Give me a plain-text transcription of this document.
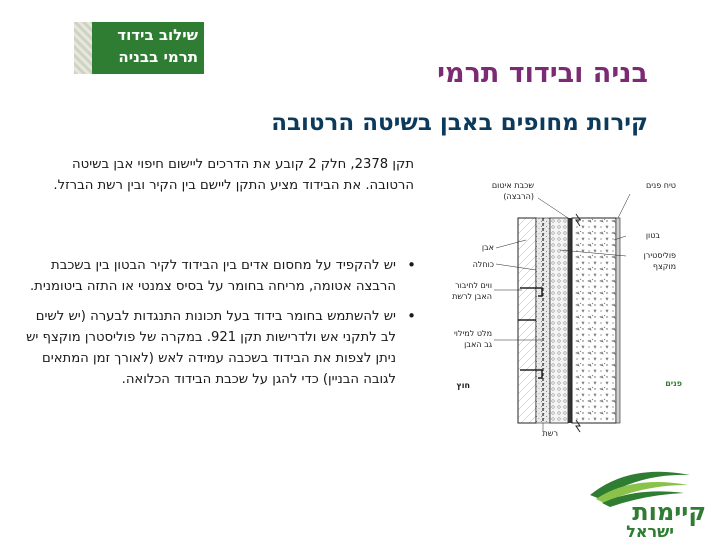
שילוב בידוד
תרמי בבניה
בניה ובידוד תרמי
קירות מחופים באבן בשיטה הרטובה
תקן 2378, חלק 2 קובע את הדרכים ליישום חיפוי אבן בשיטה הרטובה. את הבידוד מציע התקן ליישם בין הקיר ובין רשת הברזל.
• יש להקפיד על מחסום אדים בין הבידוד לקיר הבטון בין בשכבת הרבצה אטומה, מריחה בחומר על בסיס צמנטי או התזה ביטומנית.
• יש להשתמש בחומר בידוד בעל תכונות התנגדות לבערה (יש לשים לב לתקני אש ולדרישות תקן 921. במקרה של פוליסטרן מוקצף יש ניתן לצפות את הבידוד בשכבה עמידה לאש (לאורך זמן המתאים לגובה הבניין) כדי להגן על שכבת הבידוד הכלואה.
שכבת איטום
(הרבצה)
טיח פנים
בטון
פוליסטירן
מוקצף
אבן
כוחלה
ווים לחיבור
האבן לרשת
מלט למילוי
גב האבן
חוץ	פנים
רשת
קיימות
ישראל
